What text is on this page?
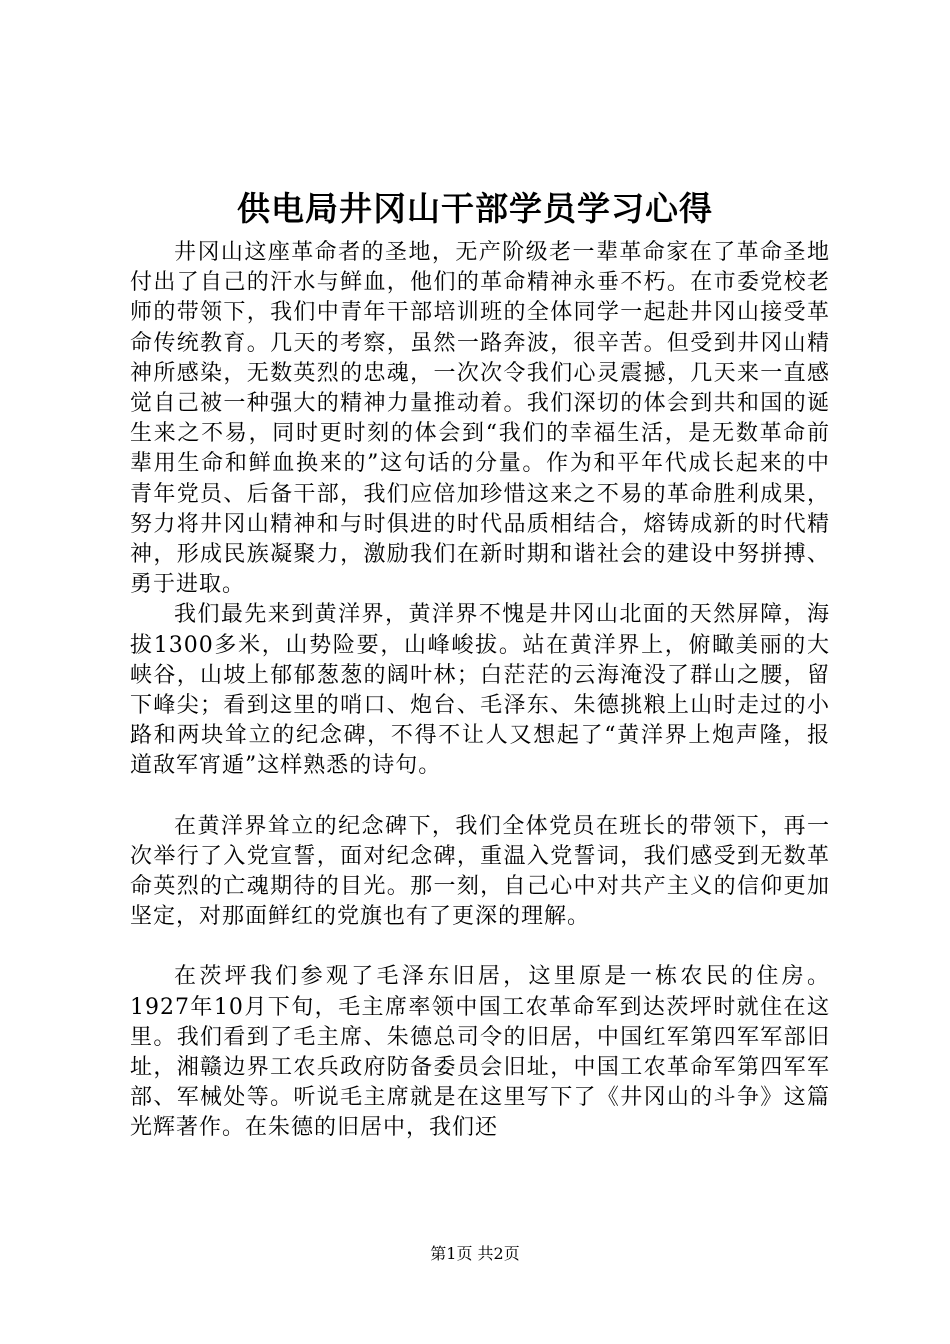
供电局井冈山干部学员学习心得

井冈山这座革命者的圣地，无产阶级老一辈革命家在了革命圣地付出了自己的汗水与鲜血，他们的革命精神永垂不朽。在市委党校老师的带领下，我们中青年干部培训班的全体同学一起赴井冈山接受革命传统教育。几天的考察，虽然一路奔波，很辛苦。但受到井冈山精神所感染，无数英烈的忠魂，一次次令我们心灵震撼，几天来一直感觉自己被一种强大的精神力量推动着。我们深切的体会到共和国的诞生来之不易，同时更时刻的体会到“我们的幸福生活，是无数革命前辈用生命和鲜血换来的”这句话的分量。作为和平年代成长起来的中青年党员、后备干部，我们应倍加珍惜这来之不易的革命胜利成果，努力将井冈山精神和与时俱进的时代品质相结合，熔铸成新的时代精神，形成民族凝聚力，激励我们在新时期和谐社会的建设中努拼搏、勇于进取。

我们最先来到黄洋界，黄洋界不愧是井冈山北面的天然屏障，海拔1300多米，山势险要，山峰峻拔。站在黄洋界上，俯瞰美丽的大峡谷，山坡上郁郁葱葱的阔叶林；白茫茫的云海淹没了群山之腰，留下峰尖；看到这里的哨口、炮台、毛泽东、朱德挑粮上山时走过的小路和两块耸立的纪念碑，不得不让人又想起了“黄洋界上炮声隆，报道敌军宵遁”这样熟悉的诗句。

在黄洋界耸立的纪念碑下，我们全体党员在班长的带领下，再一次举行了入党宣誓，面对纪念碑，重温入党誓词，我们感受到无数革命英烈的亡魂期待的目光。那一刻，自己心中对共产主义的信仰更加坚定，对那面鲜红的党旗也有了更深的理解。

在茨坪我们参观了毛泽东旧居，这里原是一栋农民的住房。1927年10月下旬，毛主席率领中国工农革命军到达茨坪时就住在这里。我们看到了毛主席、朱德总司令的旧居，中国红军第四军军部旧址，湘赣边界工农兵政府防备委员会旧址，中国工农革命军第四军军部、军械处等。听说毛主席就是在这里写下了《井冈山的斗争》这篇光辉著作。在朱德的旧居中，我们还

第1页 共2页
